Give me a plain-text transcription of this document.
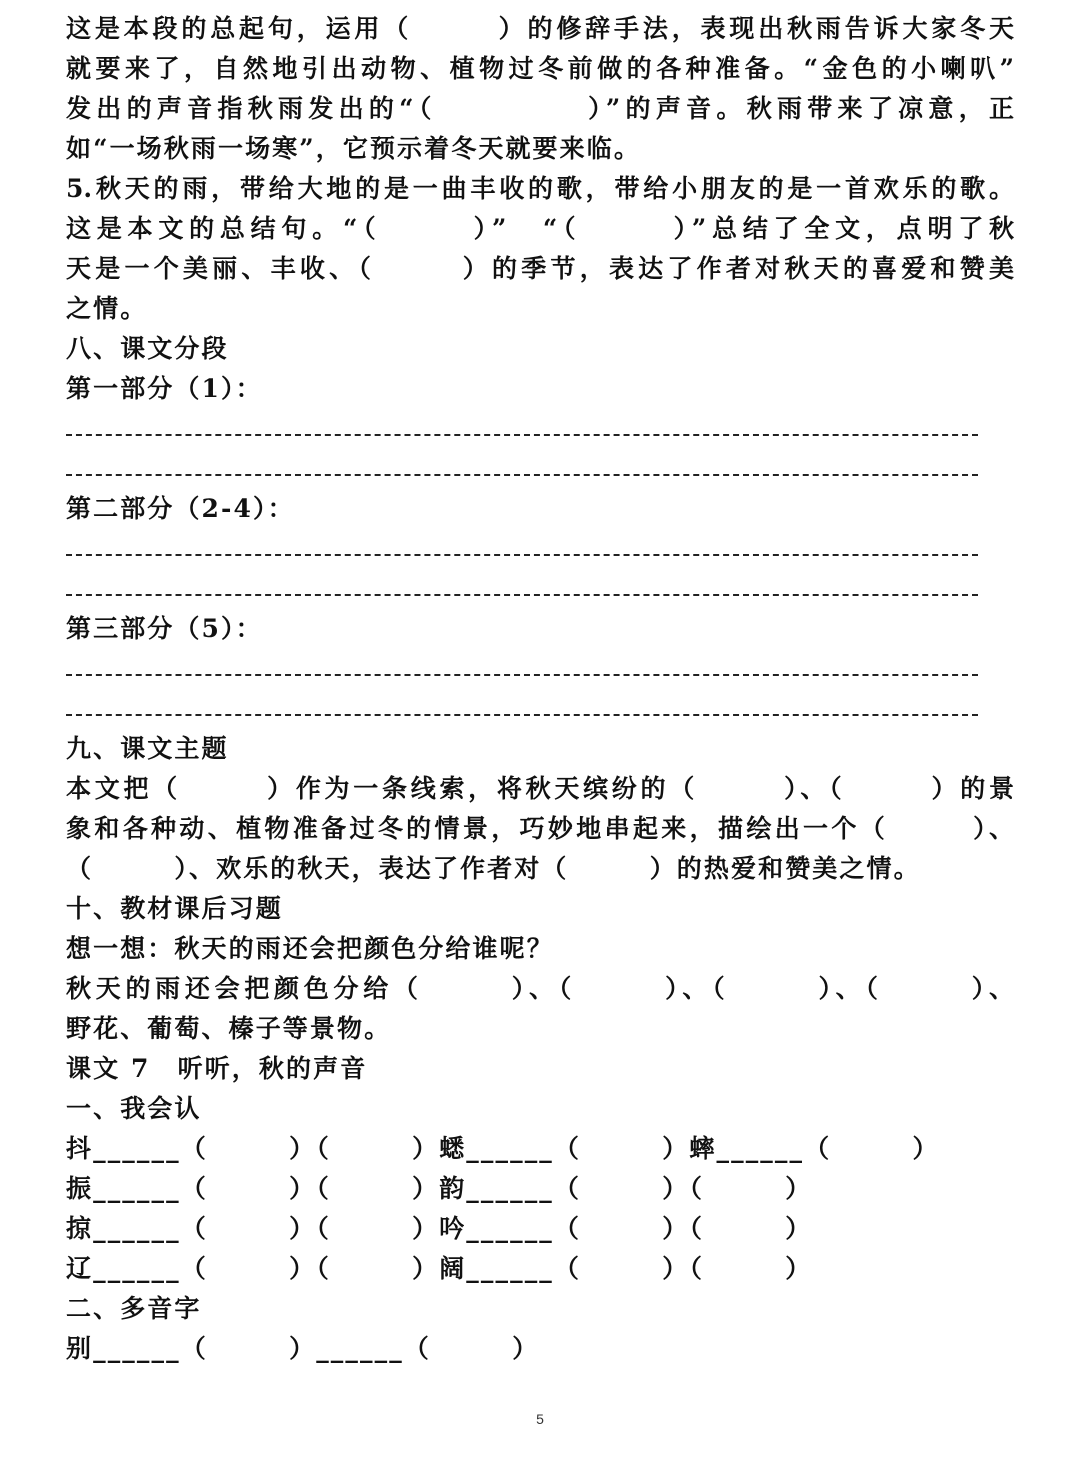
这是本段的总起句，运用（　　　）的修辞手法，表现出秋雨告诉大家冬天
就要来了，自然地引出动物、植物过冬前做的各种准备。“金色的小喇叭”
发出的声音指秋雨发出的“（　　　　　）”的声音。秋雨带来了凉意，正
如“一场秋雨一场寒”，它预示着冬天就要来临。
5.秋天的雨，带给大地的是一曲丰收的歌，带给小朋友的是一首欢乐的歌。
这是本文的总结句。“（　　　）”　“（　　　）”总结了全文，点明了秋
天是一个美丽、丰收、（　　　）的季节，表达了作者对秋天的喜爱和赞美
之情。
八、课文分段
第一部分（1）：
第二部分（2-4）：
第三部分（5）：
九、课文主题
本文把（　　　）作为一条线索，将秋天缤纷的（　　　）、（　　　）的景
象和各种动、植物准备过冬的情景，巧妙地串起来，描绘出一个（　　　）、
（　　　）、欢乐的秋天，表达了作者对（　　　）的热爱和赞美之情。
十、教材课后习题
想一想：秋天的雨还会把颜色分给谁呢？
秋天的雨还会把颜色分给（　　　）、（　　　）、（　　　）、（　　　）、
野花、葡萄、榛子等景物。
课文 7　听听，秋的声音
一、我会认
抖______（　　　）（　　　）蟋______（　　　）蟀______（　　　）
振______（　　　）（　　　）韵______（　　　）（　　　）
掠______（　　　）（　　　）吟______（　　　）（　　　）
辽______（　　　）（　　　）阔______（　　　）（　　　）
二、多音字
别______（　　　）______（　　　）
5
